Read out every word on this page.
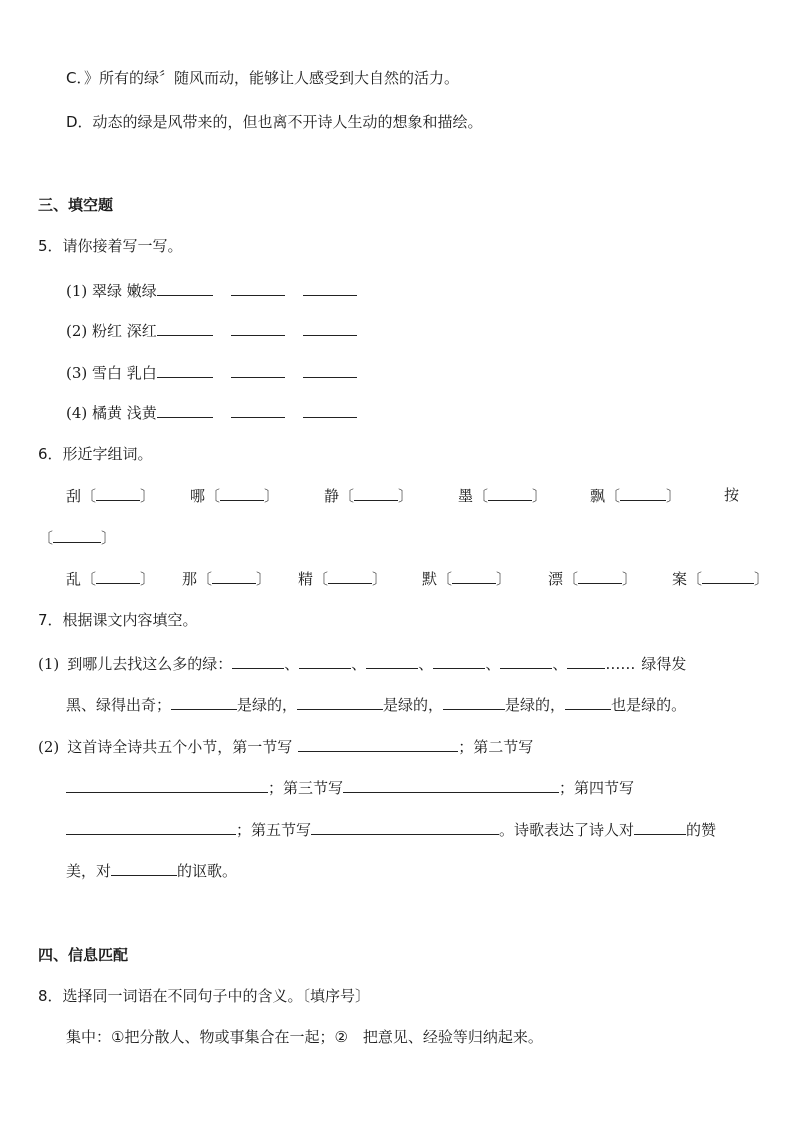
C．》所有的绿〞随风而动，能够让人感受到大自然的活力。
D．动态的绿是风带来的，但也离不开诗人生动的想象和描绘。
三、填空题
5．请你接着写一写。
(1) 翠绿 嫩绿
(2) 粉红 深红
(3) 雪白 乳白
(4) 橘黄 浅黄
6．形近字组词。
刮〔	〕 哪〔	〕	静〔	〕	墨〔	〕	飘〔	〕	按
〔	〕
乱〔	〕 那〔	〕 精〔	〕 默〔	〕 漂〔	〕 案〔	〕
7．根据课文内容填空。
(1) 到哪儿去找这么多的绿：	、	、	、	、	、	…… 绿得发
黑、绿得出奇；	是绿的，	是绿的，	是绿的，	也是绿的。
(2) 这首诗全诗共五个小节，第一节写	；第二节写
；第三节写	；第四节写
；第五节写	。诗歌表达了诗人对	的赞
美，对	的讴歌。
四、信息匹配
8．选择同一词语在不同句子中的含义。〔填序号〕
集中：①把分散人、物或事集合在一起；②　把意见、经验等归纳起来。
